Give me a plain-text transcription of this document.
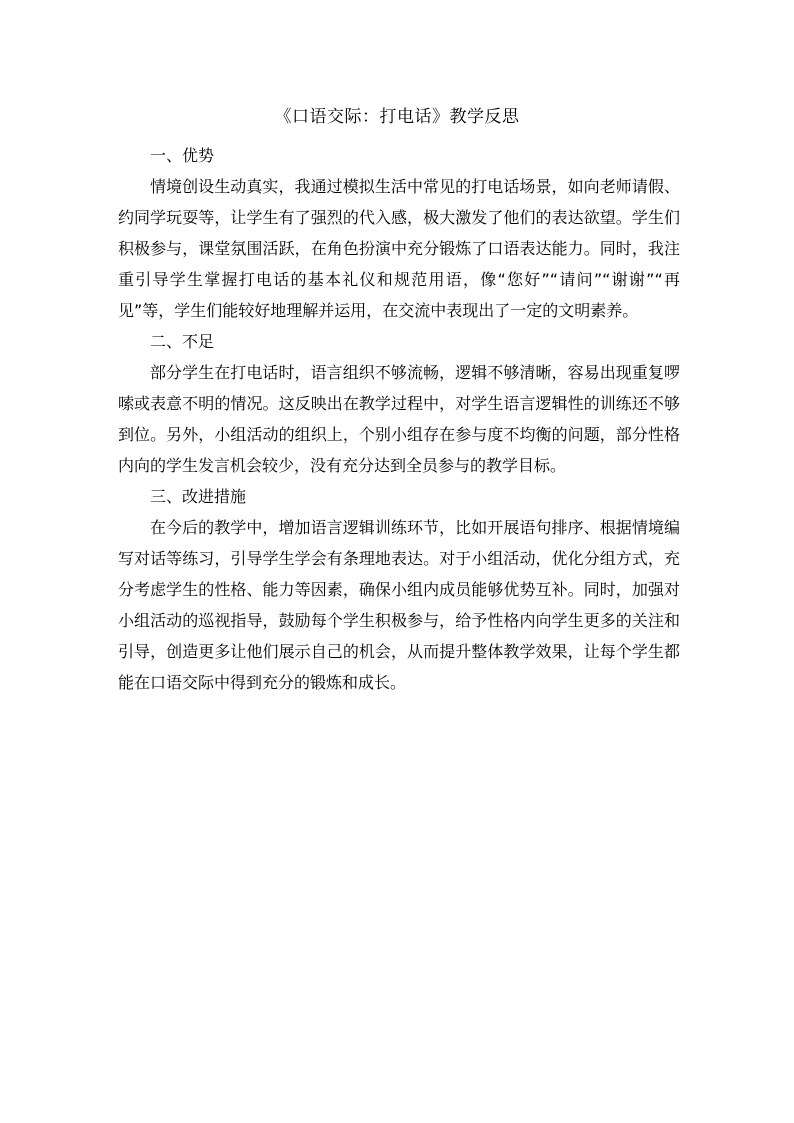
《口语交际：打电话》教学反思

一、优势

情境创设生动真实，我通过模拟生活中常见的打电话场景，如向老师请假、约同学玩耍等，让学生有了强烈的代入感，极大激发了他们的表达欲望。学生们积极参与，课堂氛围活跃，在角色扮演中充分锻炼了口语表达能力。同时，我注重引导学生掌握打电话的基本礼仪和规范用语，像“您好”“请问”“谢谢”“再见”等，学生们能较好地理解并运用，在交流中表现出了一定的文明素养。

二、不足

部分学生在打电话时，语言组织不够流畅，逻辑不够清晰，容易出现重复啰嗦或表意不明的情况。这反映出在教学过程中，对学生语言逻辑性的训练还不够到位。另外，小组活动的组织上，个别小组存在参与度不均衡的问题，部分性格内向的学生发言机会较少，没有充分达到全员参与的教学目标。

三、改进措施

在今后的教学中，增加语言逻辑训练环节，比如开展语句排序、根据情境编写对话等练习，引导学生学会有条理地表达。对于小组活动，优化分组方式，充分考虑学生的性格、能力等因素，确保小组内成员能够优势互补。同时，加强对小组活动的巡视指导，鼓励每个学生积极参与，给予性格内向学生更多的关注和引导，创造更多让他们展示自己的机会，从而提升整体教学效果，让每个学生都能在口语交际中得到充分的锻炼和成长。
